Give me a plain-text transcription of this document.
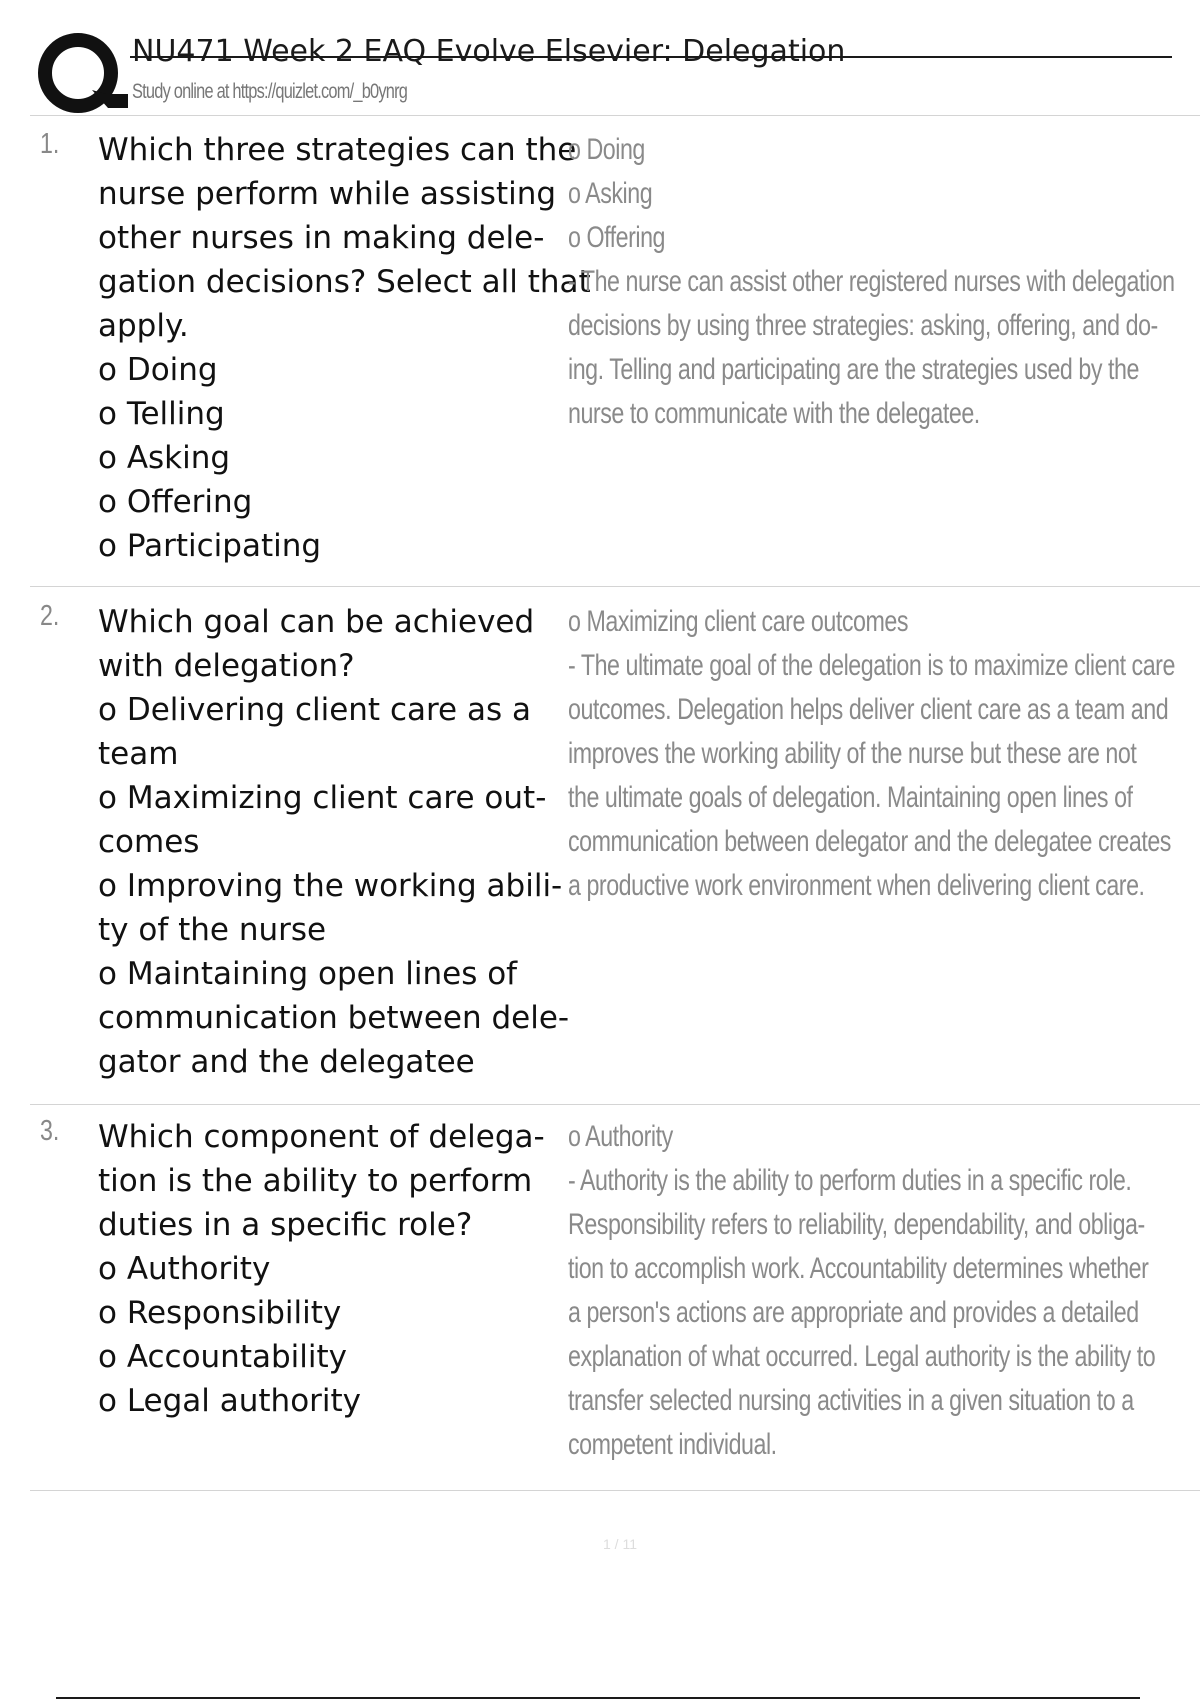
NU471 Week 2 EAQ Evolve Elsevier: Delegation
Study online at https://quizlet.com/_b0ynrg
1. Which three strategies can the
nurse perform while assisting
other nurses in making dele-
gation decisions? Select all that
apply.
o Doing
o Telling
o Asking
o Offering
o Participating
o Doing
o Asking
o Offering
- The nurse can assist other registered nurses with delegation
decisions by using three strategies: asking, offering, and do-
ing. Telling and participating are the strategies used by the
nurse to communicate with the delegatee.
2. Which goal can be achieved
with delegation?
o Delivering client care as a
team
o Maximizing client care out-
comes
o Improving the working abili-
ty of the nurse
o Maintaining open lines of
communication between dele-
gator and the delegatee
o Maximizing client care outcomes
- The ultimate goal of the delegation is to maximize client care
outcomes. Delegation helps deliver client care as a team and
improves the working ability of the nurse but these are not
the ultimate goals of delegation. Maintaining open lines of
communication between delegator and the delegatee creates
a productive work environment when delivering client care.
3. Which component of delega-
tion is the ability to perform
duties in a specific role?
o Authority
o Responsibility
o Accountability
o Legal authority
o Authority
- Authority is the ability to perform duties in a specific role.
Responsibility refers to reliability, dependability, and obliga-
tion to accomplish work. Accountability determines whether
a person's actions are appropriate and provides a detailed
explanation of what occurred. Legal authority is the ability to
transfer selected nursing activities in a given situation to a
competent individual.
1 / 11
